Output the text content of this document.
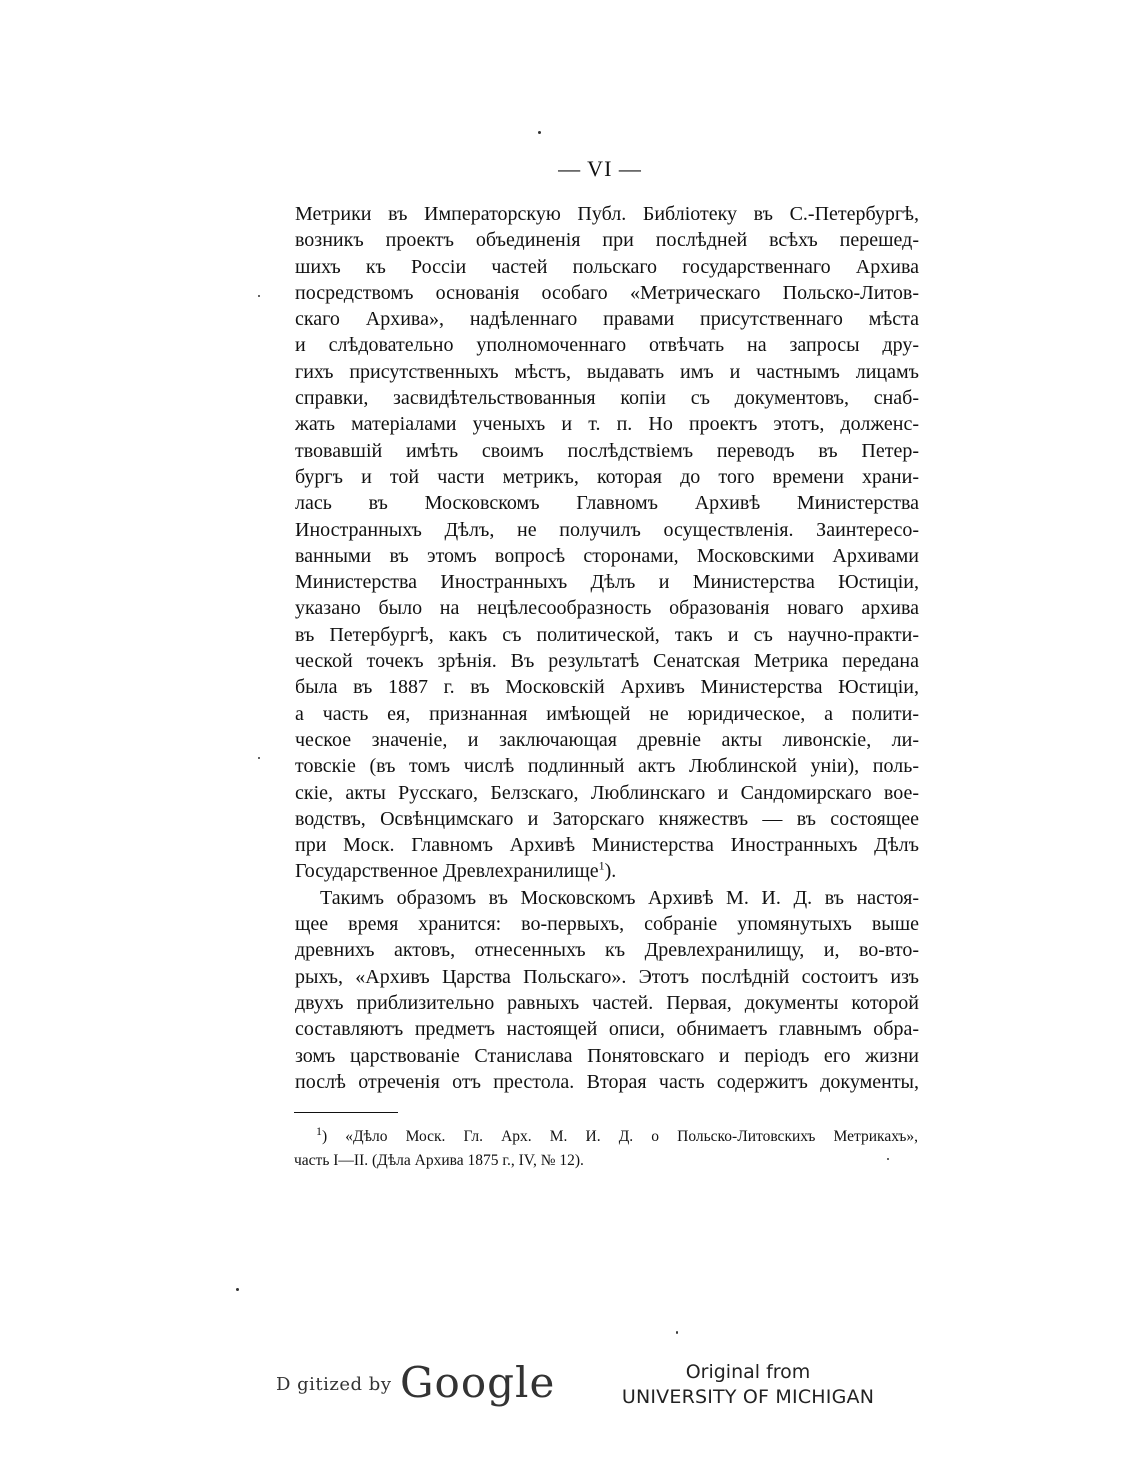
— VI —

Метрики въ Императорскую Публ. Библіотеку въ С.-Петербургѣ,
возникъ проектъ объединенія при послѣдней всѣхъ перешед-
шихъ къ Россіи частей польскаго государственнаго Архива
посредствомъ основанія особаго «Метрическаго Польско-Литов-
скаго Архива», надѣленнаго правами присутственнаго мѣста
и слѣдовательно уполномоченнаго отвѣчать на запросы дру-
гихъ присутственныхъ мѣстъ, выдавать имъ и частнымъ лицамъ
справки, засвидѣтельствованныя копіи съ документовъ, снаб-
жать матеріалами ученыхъ и т. п. Но проектъ этотъ, долженс-
твовавшій имѣть своимъ послѣдствіемъ переводъ въ Петер-
бургъ и той части метрикъ, которая до того времени храни-
лась въ Московскомъ Главномъ Архивѣ Министерства
Иностранныхъ Дѣлъ, не получилъ осуществленія. Заинтересо-
ванными въ этомъ вопросѣ сторонами, Московскими Архивами
Министерства Иностранныхъ Дѣлъ и Министерства Юстиціи,
указано было на нецѣлесообразность образованія новаго архива
въ Петербургѣ, какъ съ политической, такъ и съ научно-практи-
ческой точекъ зрѣнія. Въ результатѣ Сенатская Метрика передана
была въ 1887 г. въ Московскій Архивъ Министерства Юстиціи,
а часть ея, признанная имѣющей не юридическое, а полити-
ческое значеніе, и заключающая древніе акты ливонскіе, ли-
товскіе (въ томъ числѣ подлинный актъ Люблинской уніи), поль-
скіе, акты Русскаго, Белзскаго, Люблинскаго и Сандомирскаго вое-
водствъ, Освѣнцимскаго и Заторскаго княжествъ — въ состоящее
при Моск. Главномъ Архивѣ Министерства Иностранныхъ Дѣлъ
Государственное Древлехранилище$^1$).

Такимъ образомъ въ Московскомъ Архивѣ М. И. Д. въ настоя-
щее время хранится: во-первыхъ, собраніе упомянутыхъ выше
древнихъ актовъ, отнесенныхъ къ Древлехранилищу, и, во-вто-
рыхъ, «Архивъ Царства Польскаго». Этотъ послѣдній состоитъ изъ
двухъ приблизительно равныхъ частей. Первая, документы которой
составляютъ предметъ настоящей описи, обнимаетъ главнымъ обра-
зомъ царствованіе Станислава Понятовскаго и періодъ его жизни
послѣ отреченія отъ престола. Вторая часть содержитъ документы,

$^1$) «Дѣло Моск. Гл. Арх. М. И. Д. о Польско-Литовскихъ Метрикахъ»,
часть I—II. (Дѣла Архива 1875 г., IV, № 12).
D gitized by Google	Original from
UNIVERSITY OF MICHIGAN
